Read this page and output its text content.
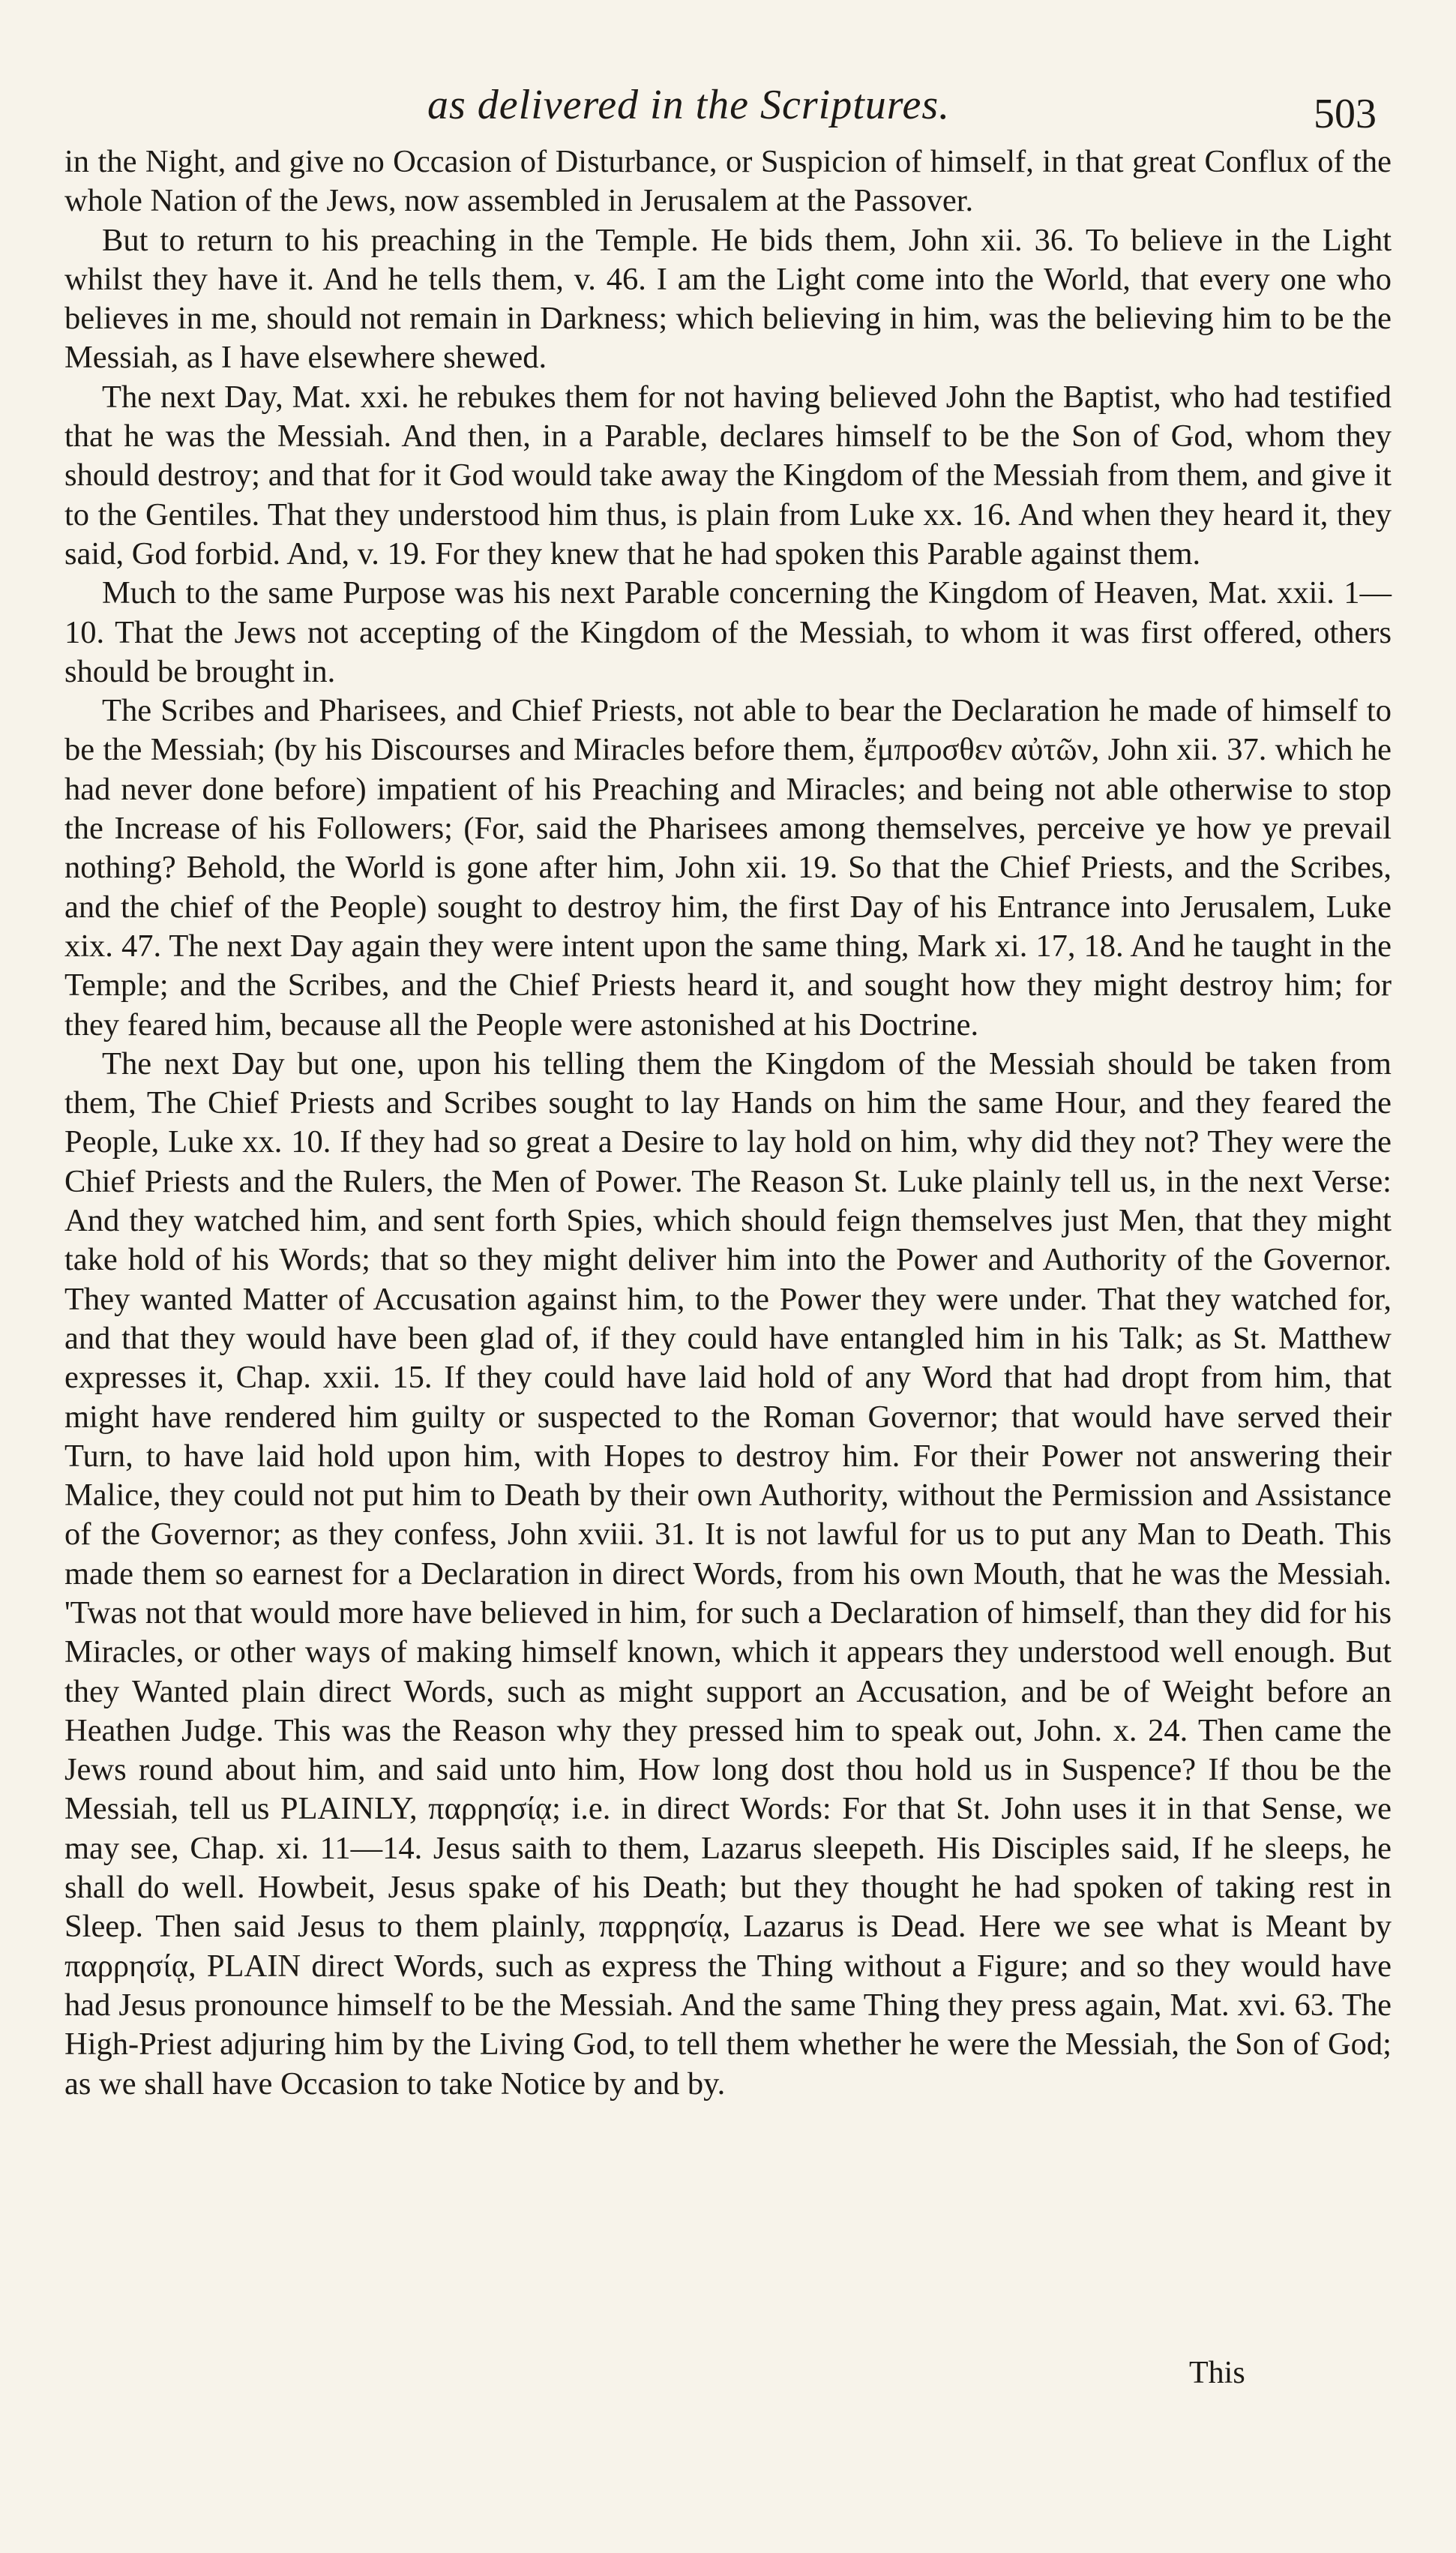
as delivered in the Scriptures.	503

in the Night, and give no Occasion of Disturbance, or Suspicion of himself, in that great Conflux of the whole Nation of the Jews, now assembled in Jerusalem at the Passover.

But to return to his preaching in the Temple. He bids them, John xii. 36. To believe in the Light whilst they have it. And he tells them, v. 46. I am the Light come into the World, that every one who believes in me, should not remain in Darkness; which believing in him, was the believing him to be the Messiah, as I have elsewhere shewed.

The next Day, Mat. xxi. he rebukes them for not having believed John the Baptist, who had testified that he was the Messiah. And then, in a Parable, declares himself to be the Son of God, whom they should destroy; and that for it God would take away the Kingdom of the Messiah from them, and give it to the Gentiles. That they understood him thus, is plain from Luke xx. 16. And when they heard it, they said, God forbid. And, v. 19. For they knew that he had spoken this Parable against them.

Much to the same Purpose was his next Parable concerning the Kingdom of Heaven, Mat. xxii. 1—10. That the Jews not accepting of the Kingdom of the Messiah, to whom it was first offered, others should be brought in.

The Scribes and Pharisees, and Chief Priests, not able to bear the Declaration he made of himself to be the Messiah; (by his Discourses and Miracles before them, ἔμπροσθεν αὐτῶν, John xii. 37. which he had never done before) impatient of his Preaching and Miracles; and being not able otherwise to stop the Increase of his Followers; (For, said the Pharisees among themselves, perceive ye how ye prevail nothing? Behold, the World is gone after him, John xii. 19. So that the Chief Priests, and the Scribes, and the chief of the People) sought to destroy him, the first Day of his Entrance into Jerusalem, Luke xix. 47. The next Day again they were intent upon the same thing, Mark xi. 17, 18. And he taught in the Temple; and the Scribes, and the Chief Priests heard it, and sought how they might destroy him; for they feared him, because all the People were astonished at his Doctrine.

The next Day but one, upon his telling them the Kingdom of the Messiah should be taken from them, The Chief Priests and Scribes sought to lay Hands on him the same Hour, and they feared the People, Luke xx. 10. If they had so great a Desire to lay hold on him, why did they not? They were the Chief Priests and the Rulers, the Men of Power. The Reason St. Luke plainly tell us, in the next Verse: And they watched him, and sent forth Spies, which should feign themselves just Men, that they might take hold of his Words; that so they might deliver him into the Power and Authority of the Governor. They wanted Matter of Accusation against him, to the Power they were under. That they watched for, and that they would have been glad of, if they could have entangled him in his Talk; as St. Matthew expresses it, Chap. xxii. 15. If they could have laid hold of any Word that had dropt from him, that might have rendered him guilty or suspected to the Roman Governor; that would have served their Turn, to have laid hold upon him, with Hopes to destroy him. For their Power not answering their Malice, they could not put him to Death by their own Authority, without the Permission and Assistance of the Governor; as they confess, John xviii. 31. It is not lawful for us to put any Man to Death. This made them so earnest for a Declaration in direct Words, from his own Mouth, that he was the Messiah. 'Twas not that would more have believed in him, for such a Declaration of himself, than they did for his Miracles, or other ways of making himself known, which it appears they understood well enough. But they Wanted plain direct Words, such as might support an Accusation, and be of Weight before an Heathen Judge. This was the Reason why they pressed him to speak out, John. x. 24. Then came the Jews round about him, and said unto him, How long dost thou hold us in Suspence? If thou be the Messiah, tell us PLAINLY, παρρησίᾳ; i.e. in direct Words: For that St. John uses it in that Sense, we may see, Chap. xi. 11—14. Jesus saith to them, Lazarus sleepeth. His Disciples said, If he sleeps, he shall do well. Howbeit, Jesus spake of his Death; but they thought he had spoken of taking rest in Sleep. Then said Jesus to them plainly, παρρησίᾳ, Lazarus is Dead. Here we see what is Meant by παρρησίᾳ, PLAIN direct Words, such as express the Thing without a Figure; and so they would have had Jesus pronounce himself to be the Messiah. And the same Thing they press again, Mat. xvi. 63. The High-Priest adjuring him by the Living God, to tell them whether he were the Messiah, the Son of God; as we shall have Occasion to take Notice by and by.

This
